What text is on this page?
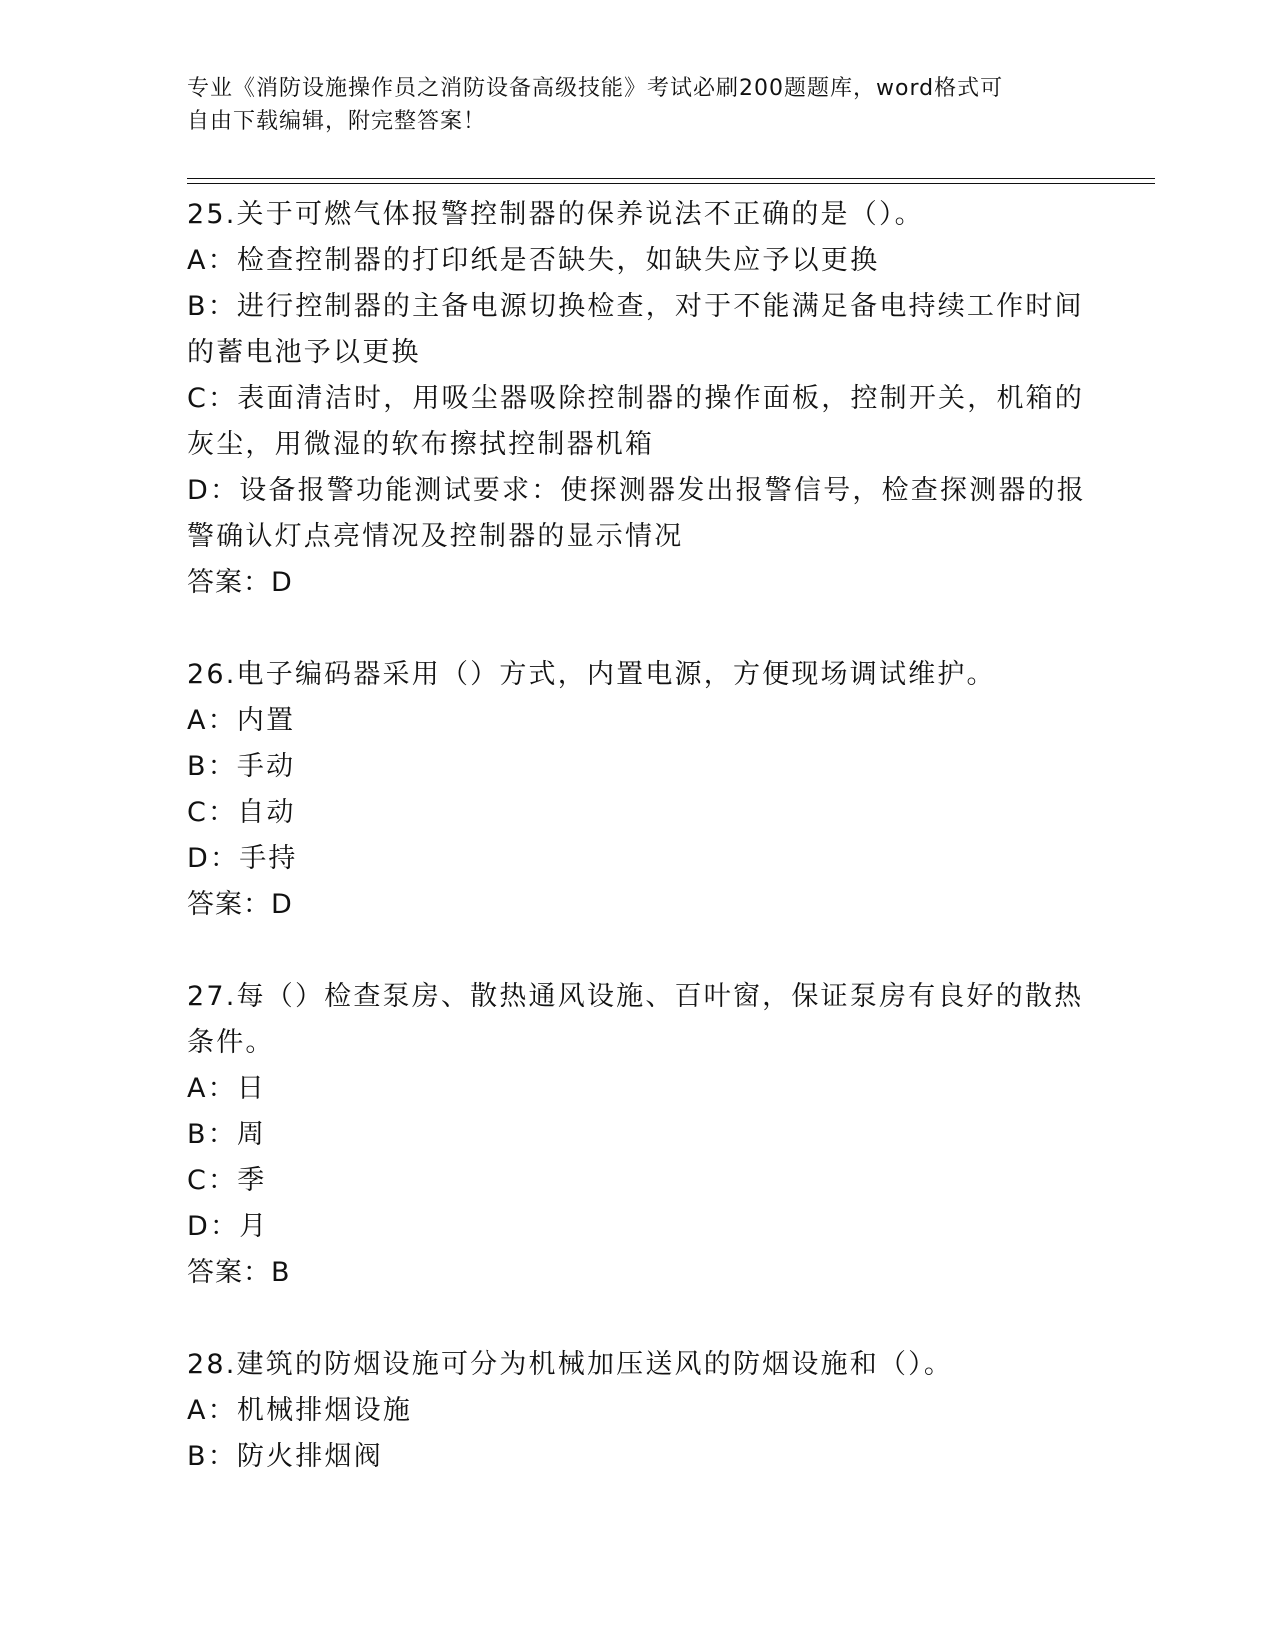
专业《消防设施操作员之消防设备高级技能》考试必刷200题题库，word格式可
自由下载编辑，附完整答案！
25.关于可燃气体报警控制器的保养说法不正确的是（）。
A：检查控制器的打印纸是否缺失，如缺失应予以更换
B：进行控制器的主备电源切换检查，对于不能满足备电持续工作时间的蓄电池予以更换
C：表面清洁时，用吸尘器吸除控制器的操作面板，控制开关，机箱的灰尘，用微湿的软布擦拭控制器机箱
D：设备报警功能测试要求：使探测器发出报警信号，检查探测器的报警确认灯点亮情况及控制器的显示情况
答案：D
26.电子编码器采用（）方式，内置电源，方便现场调试维护。
A：内置
B：手动
C：自动
D：手持
答案：D
27.每（）检查泵房、散热通风设施、百叶窗，保证泵房有良好的散热条件。
A：日
B：周
C：季
D：月
答案：B
28.建筑的防烟设施可分为机械加压送风的防烟设施和（）。
A：机械排烟设施
B：防火排烟阀
